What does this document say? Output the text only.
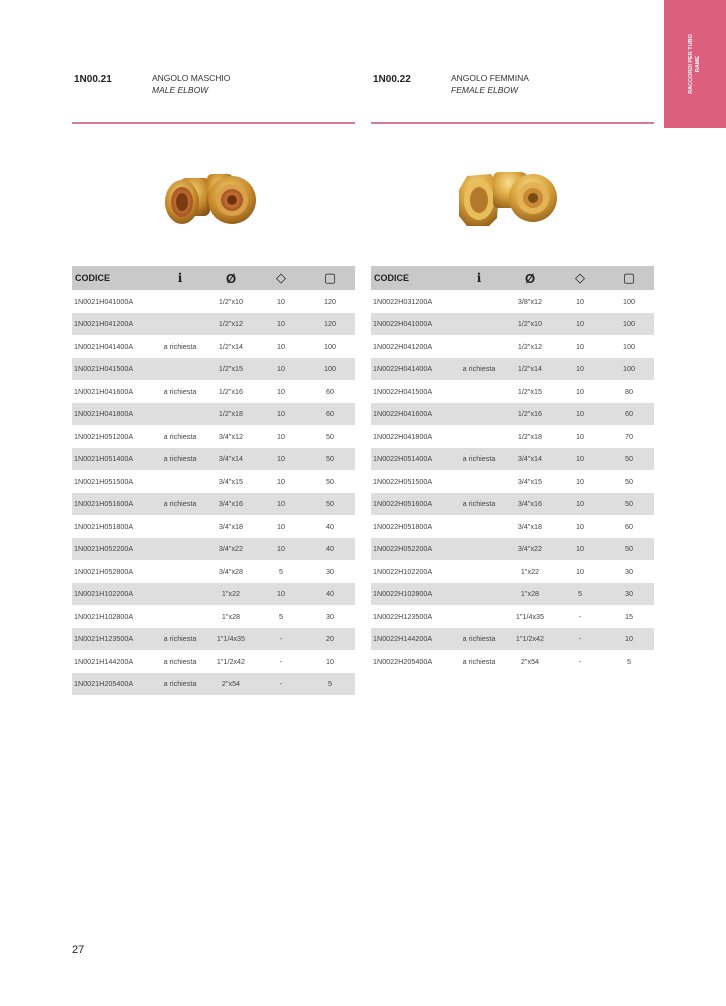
RACCORDI PER TUBO
RAME
1N00.21	ANGOLO MASCHIO
MALE ELBOW
CODICE	i	Ø	◇	▢
1N0021H041000A		1/2"x10	10	120
1N0021H041200A		1/2"x12	10	120
1N0021H041400A	a richiesta	1/2"x14	10	100
1N0021H041500A		1/2"x15	10	100
1N0021H041600A	a richiesta	1/2"x16	10	60
1N0021H041800A		1/2"x18	10	60
1N0021H051200A	a richiesta	3/4"x12	10	50
1N0021H051400A	a richiesta	3/4"x14	10	50
1N0021H051500A		3/4"x15	10	50
1N0021H051600A	a richiesta	3/4"x16	10	50
1N0021H051800A		3/4"x18	10	40
1N0021H052200A		3/4"x22	10	40
1N0021H052800A		3/4"x28	5	30
1N0021H102200A		1"x22	10	40
1N0021H102800A		1"x28	5	30
1N0021H123500A	a richiesta	1"1/4x35	-	20
1N0021H144200A	a richiesta	1"1/2x42	-	10
1N0021H205400A	a richiesta	2"x54	-	5
1N00.22	ANGOLO FEMMINA
FEMALE ELBOW
CODICE	i	Ø	◇	▢
1N0022H031200A		3/8"x12	10	100
1N0022H041000A		1/2"x10	10	100
1N0022H041200A		1/2"x12	10	100
1N0022H041400A	a richiesta	1/2"x14	10	100
1N0022H041500A		1/2"x15	10	80
1N0022H041600A		1/2"x16	10	60
1N0022H041800A		1/2"x18	10	70
1N0022H051400A	a richiesta	3/4"x14	10	50
1N0022H051500A		3/4"x15	10	50
1N0022H051600A	a richiesta	3/4"x16	10	50
1N0022H051800A		3/4"x18	10	60
1N0022H052200A		3/4"x22	10	50
1N0022H102200A		1"x22	10	30
1N0022H102800A		1"x28	5	30
1N0022H123500A		1"1/4x35	-	15
1N0022H144200A	a richiesta	1"1/2x42	-	10
1N0022H205400A	a richiesta	2"x54	-	5
27
